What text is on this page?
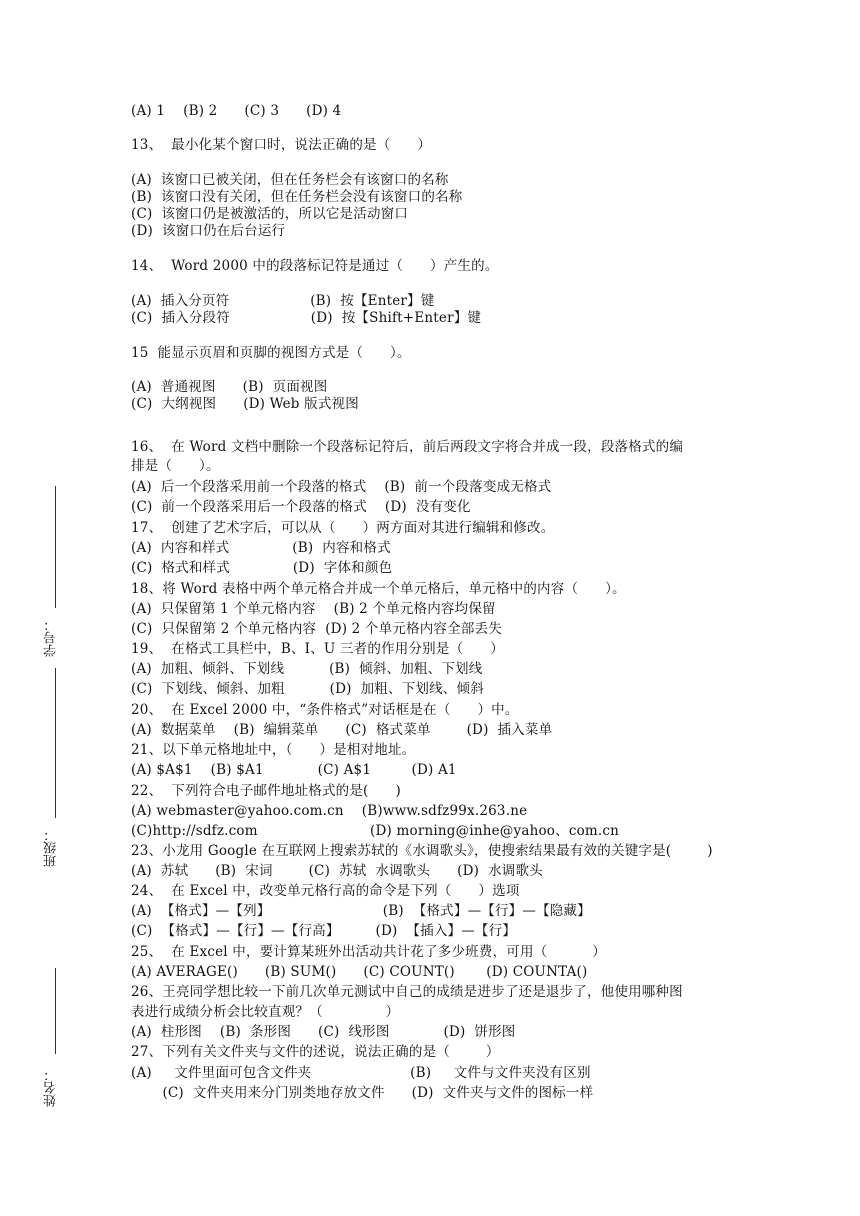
(A) 1    (B) 2      (C) 3      (D) 4
13、  最小化某个窗口时，说法正确的是（      ）
(A)  该窗口已被关闭，但在任务栏会有该窗口的名称
(B)  该窗口没有关闭，但在任务栏会没有该窗口的名称
(C)  该窗口仍是被激活的，所以它是活动窗口
(D)  该窗口仍在后台运行
14、  Word 2000 中的段落标记符是通过（      ）产生的。
(A)  插入分页符                  (B)  按【Enter】键
(C)  插入分段符                  (D)  按【Shift+Enter】键
15  能显示页眉和页脚的视图方式是（      ）。
(A)  普通视图      (B)  页面视图
(C)  大纲视图      (D) Web 版式视图
16、  在 Word 文档中删除一个段落标记符后，前后两段文字将合并成一段，段落格式的编
排是（      ）。
(A)  后一个段落采用前一个段落的格式    (B)  前一个段落变成无格式
(C)  前一个段落采用后一个段落的格式    (D)  没有变化
17、  创建了艺术字后，可以从（      ）两方面对其进行编辑和修改。
(A)  内容和样式              (B)  内容和格式
(C)  格式和样式              (D)  字体和颜色
18、将 Word 表格中两个单元格合并成一个单元格后，单元格中的内容（      ）。
(A)  只保留第 1 个单元格内容    (B) 2 个单元格内容均保留
(C)  只保留第 2 个单元格内容  (D) 2 个单元格内容全部丢失
19、  在格式工具栏中，B、I、U 三者的作用分别是（      ）
(A)  加粗、倾斜、下划线          (B)  倾斜、加粗、下划线
(C)  下划线、倾斜、加粗          (D)  加粗、下划线、倾斜
20、  在 Excel 2000 中，“条件格式”对话框是在（      ）中。
(A)  数据菜单    (B)  编辑菜单      (C)  格式菜单        (D)  插入菜单
21、以下单元格地址中，（      ）是相对地址。
(A) $A$1    (B) $A1            (C) A$1         (D) A1
22、  下列符合电子邮件地址格式的是(      )
(A) webmaster@yahoo.com.cn    (B)www.sdfz99x.263.ne
(C)http://sdfz.com                         (D) morning@inhe@yahoo、com.cn
23、小龙用 Google 在互联网上搜索苏轼的《水调歌头》，使搜索结果最有效的关键字是(        )
(A)  苏轼      (B)  宋词        (C)  苏轼  水调歌头      (D)  水调歌头
24、  在 Excel 中，改变单元格行高的命令是下列（      ）选项
(A)  【格式】—【列】                         (B)  【格式】—【行】—【隐藏】
(C)  【格式】—【行】—【行高】        (D)  【插入】—【行】
25、  在 Excel 中，要计算某班外出活动共计花了多少班费，可用（          ）
(A) AVERAGE()      (B) SUM()      (C) COUNT()       (D) COUNTA()
26、王亮同学想比较一下前几次单元测试中自己的成绩是进步了还是退步了，他使用哪种图
表进行成绩分析会比较直观？（              ）
(A)  柱形图    (B)  条形图      (C)  线形图            (D)  饼形图
27、下列有关文件夹与文件的述说，说法正确的是（        ）
(A)     文件里面可包含文件夹                      (B)     文件与文件夹没有区别
(C)  文件夹用来分门别类地存放文件      (D)  文件夹与文件的图标一样
学号：
班级：
姓名：
